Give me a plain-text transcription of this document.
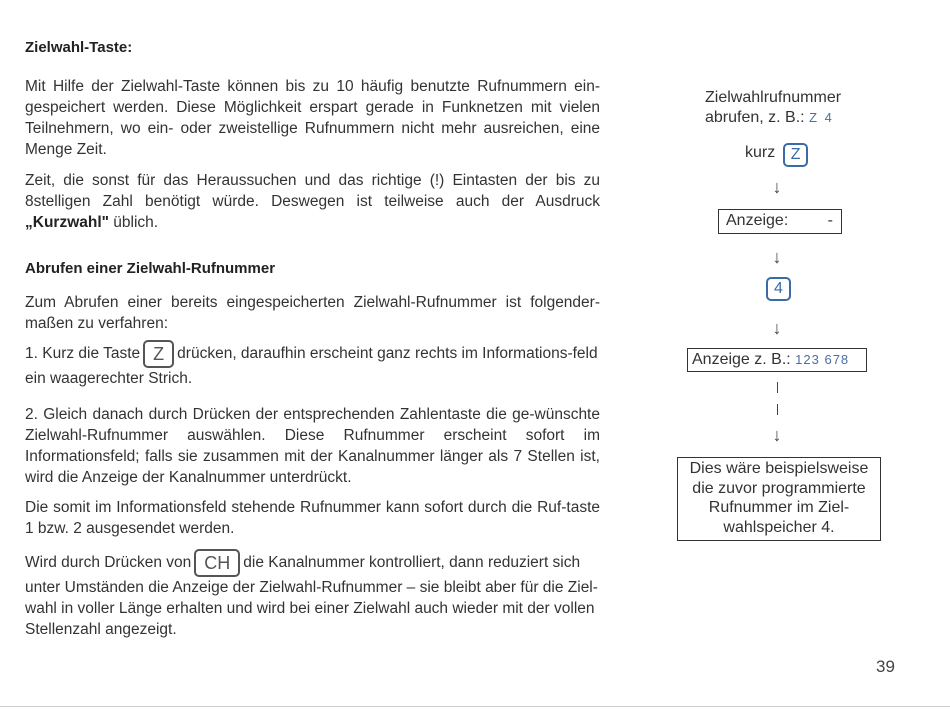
Zielwahl-Taste:

Mit Hilfe der Zielwahl-Taste können bis zu 10 häufig benutzte Rufnummern ein-gespeichert werden. Diese Möglichkeit erspart gerade in Funknetzen mit vielen Teilnehmern, wo ein- oder zweistellige Rufnummern nicht mehr ausreichen, eine Menge Zeit.

Zeit, die sonst für das Heraussuchen und das richtige (!) Eintasten der bis zu 8stelligen Zahl benötigt würde. Deswegen ist teilweise auch der Ausdruck „Kurzwahl" üblich.

Abrufen einer Zielwahl-Rufnummer

Zum Abrufen einer bereits eingespeicherten Zielwahl-Rufnummer ist folgender-maßen zu verfahren:

1. Kurz die Taste Z drücken, daraufhin erscheint ganz rechts im Informations-feld ein waagerechter Strich.

2. Gleich danach durch Drücken der entsprechenden Zahlentaste die ge-wünschte Zielwahl-Rufnummer auswählen. Diese Rufnummer erscheint sofort im Informationsfeld; falls sie zusammen mit der Kanalnummer länger als 7 Stellen ist, wird die Anzeige der Kanalnummer unterdrückt.

Die somit im Informationsfeld stehende Rufnummer kann sofort durch die Ruf-taste 1 bzw. 2 ausgesendet werden.

Wird durch Drücken von CH die Kanalnummer kontrolliert, dann reduziert sich unter Umständen die Anzeige der Zielwahl-Rufnummer – sie bleibt aber für die Ziel-wahl in voller Länge erhalten und wird bei einer Zielwahl auch wieder mit der vollen Stellenzahl angezeigt.

Zielwahlrufnummer
abrufen, z. B.: Z 4
kurz Z
↓
Anzeige: -
↓
4
↓
Anzeige z. B.: 123 678
↓
Dies wäre beispielsweise die zuvor programmierte Rufnummer im Ziel-wahlspeicher 4.
39
